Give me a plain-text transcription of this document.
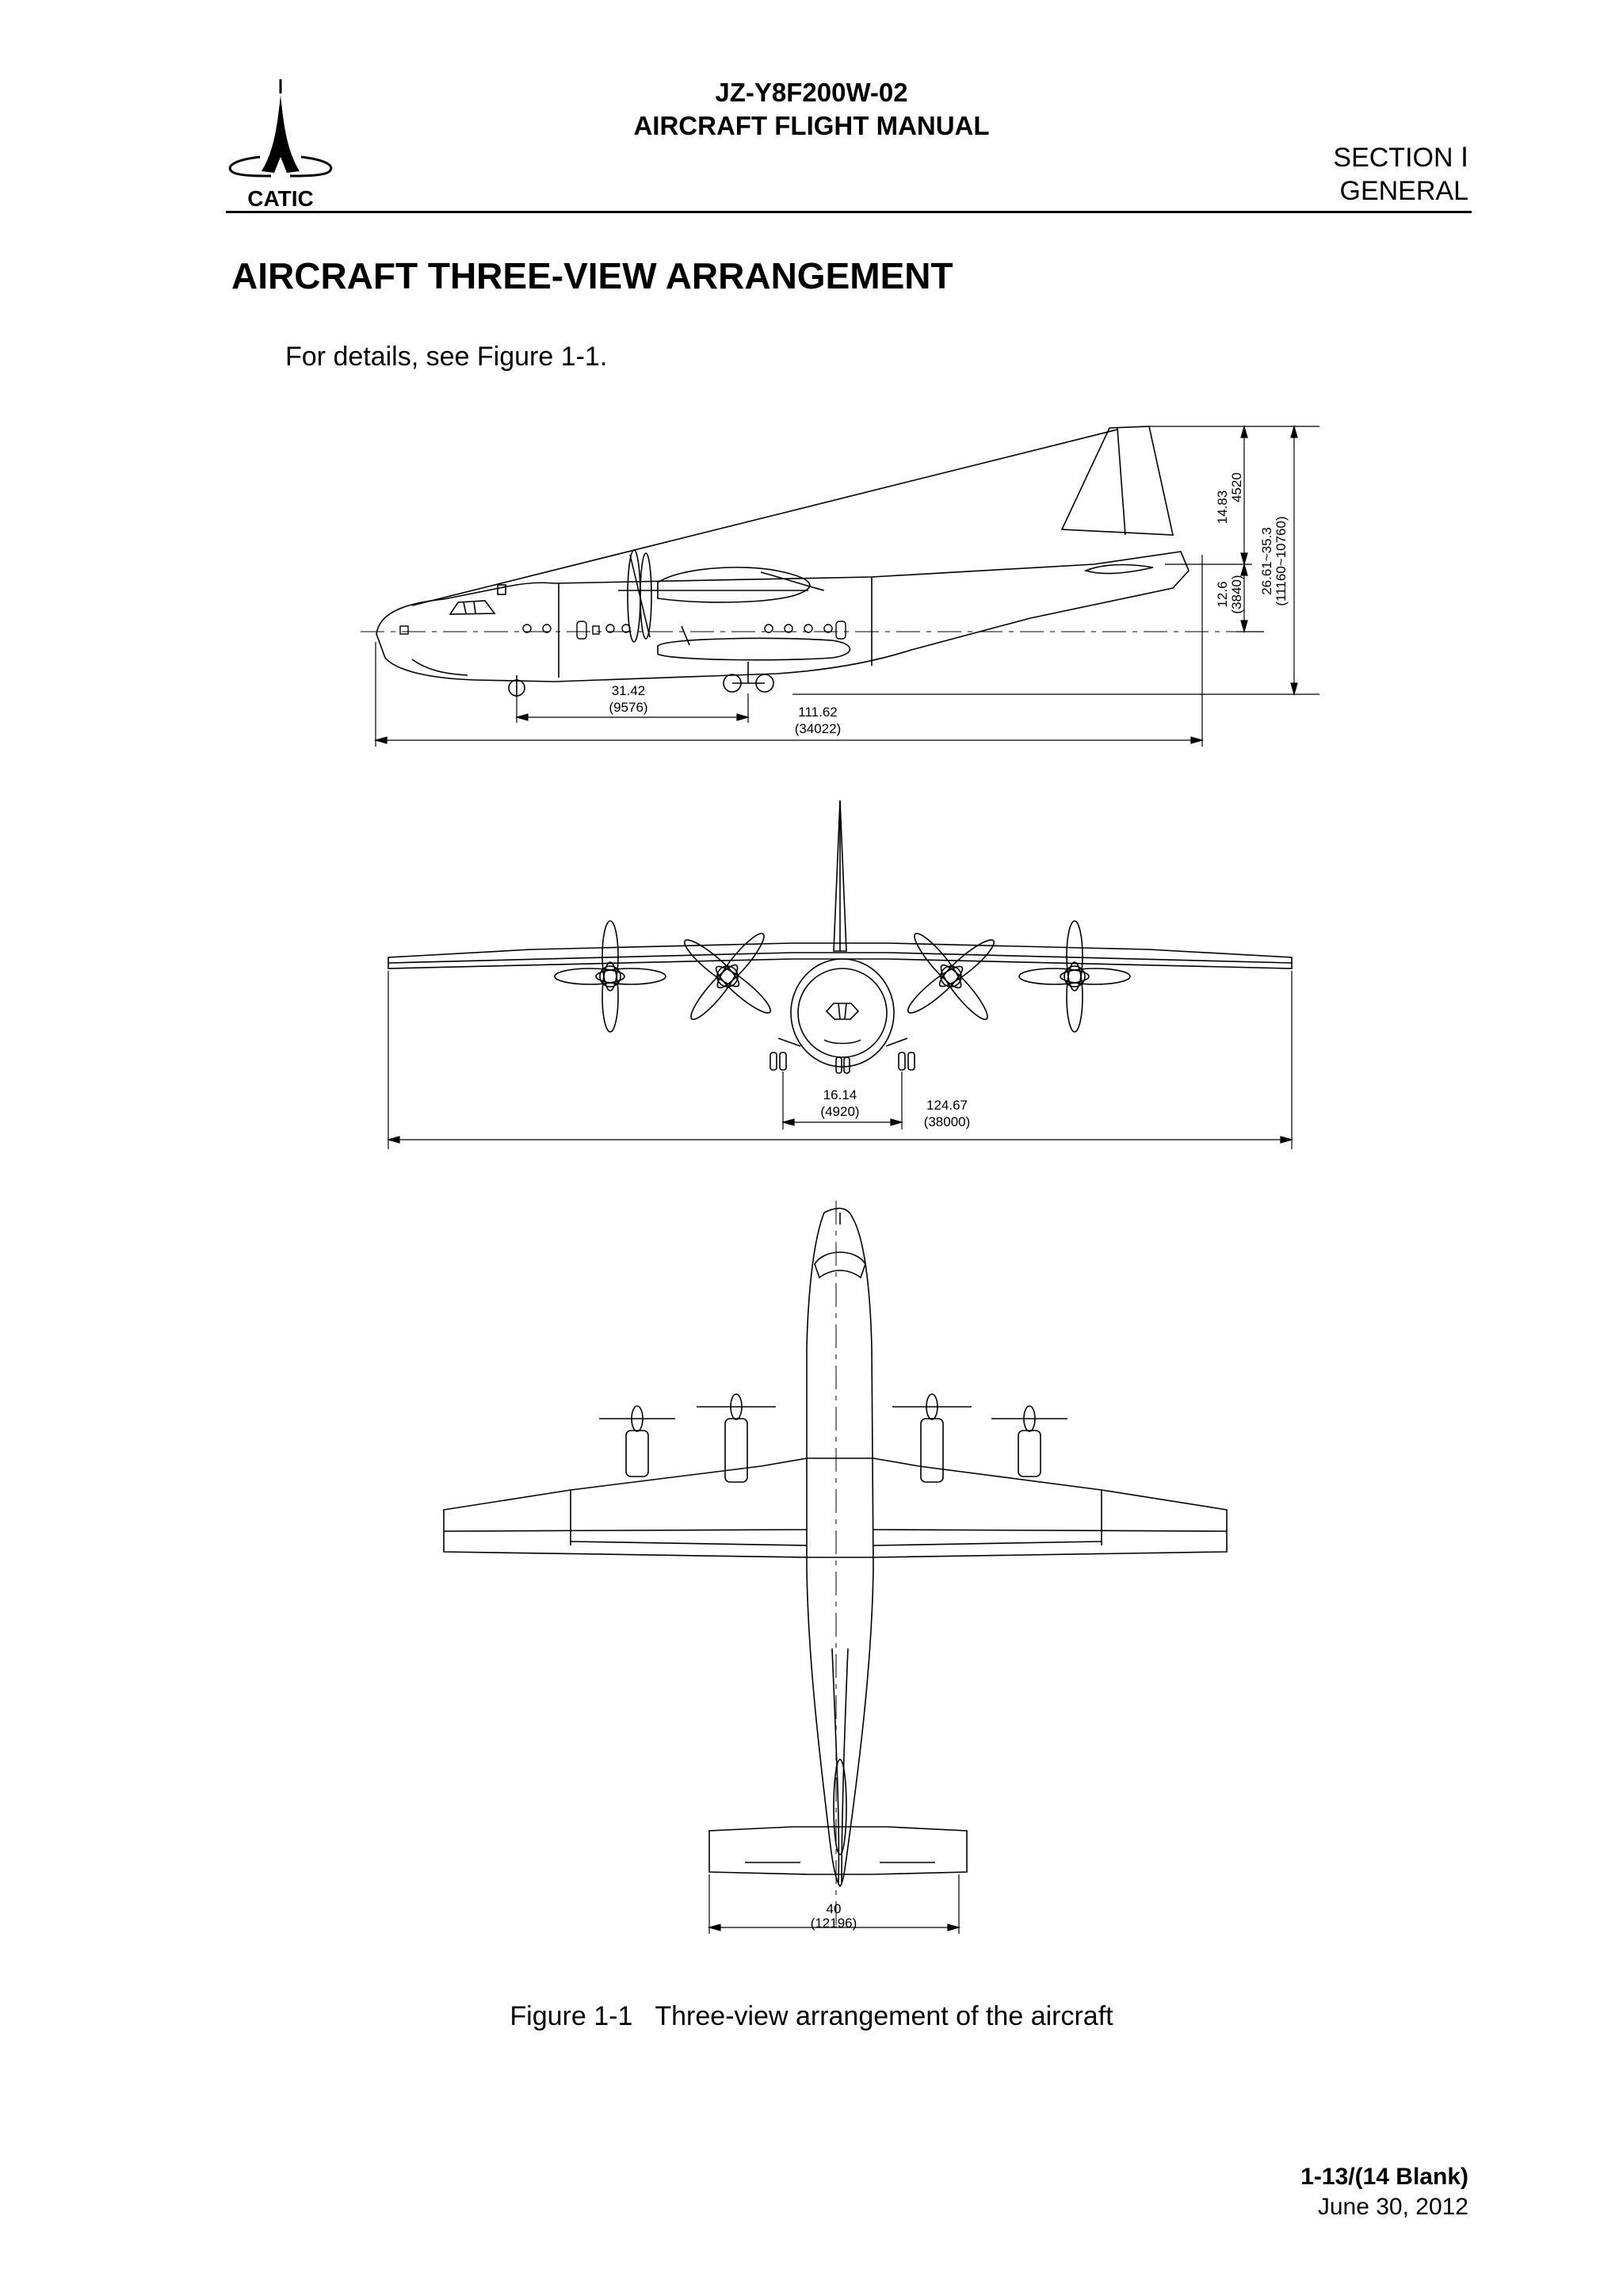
CATIC
JZ-Y8F200W-02
AIRCRAFT FLIGHT MANUAL
SECTION Ⅰ
GENERAL
AIRCRAFT THREE-VIEW ARRANGEMENT
For details, see Figure 1-1.
31.42
(9576)	111.62
(34022)
14.83
4520
12.6 (3840) 26.61~35.3 (11160~10760)
16.14
(4920)	124.67
(38000)
40
(12196)
Figure 1-1 Three-view arrangement of the aircraft
1-13/(14 Blank)
June 30, 2012
